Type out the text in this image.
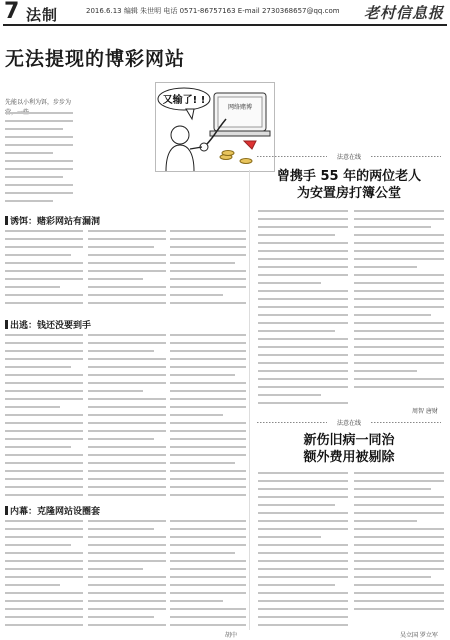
7 法制	2016.6.13 编辑 朱世明 电话 0571-86757163 E-mail 2730368657@qq.com 老村信息报
无法提现的博彩网站
又输了! !
网络赌博
先能以小利为饵，步步为
诱饵：赌彩网站有漏洞
出逃：钱还没要到手
内幕：克隆网站设圈套
法意在线
曾携手 55 年的两位老人
为安置房打簿公堂
周智 唐财
法意在线
新伤旧病一同治
额外费用被剔除
吴立国 罗立军
胡中
